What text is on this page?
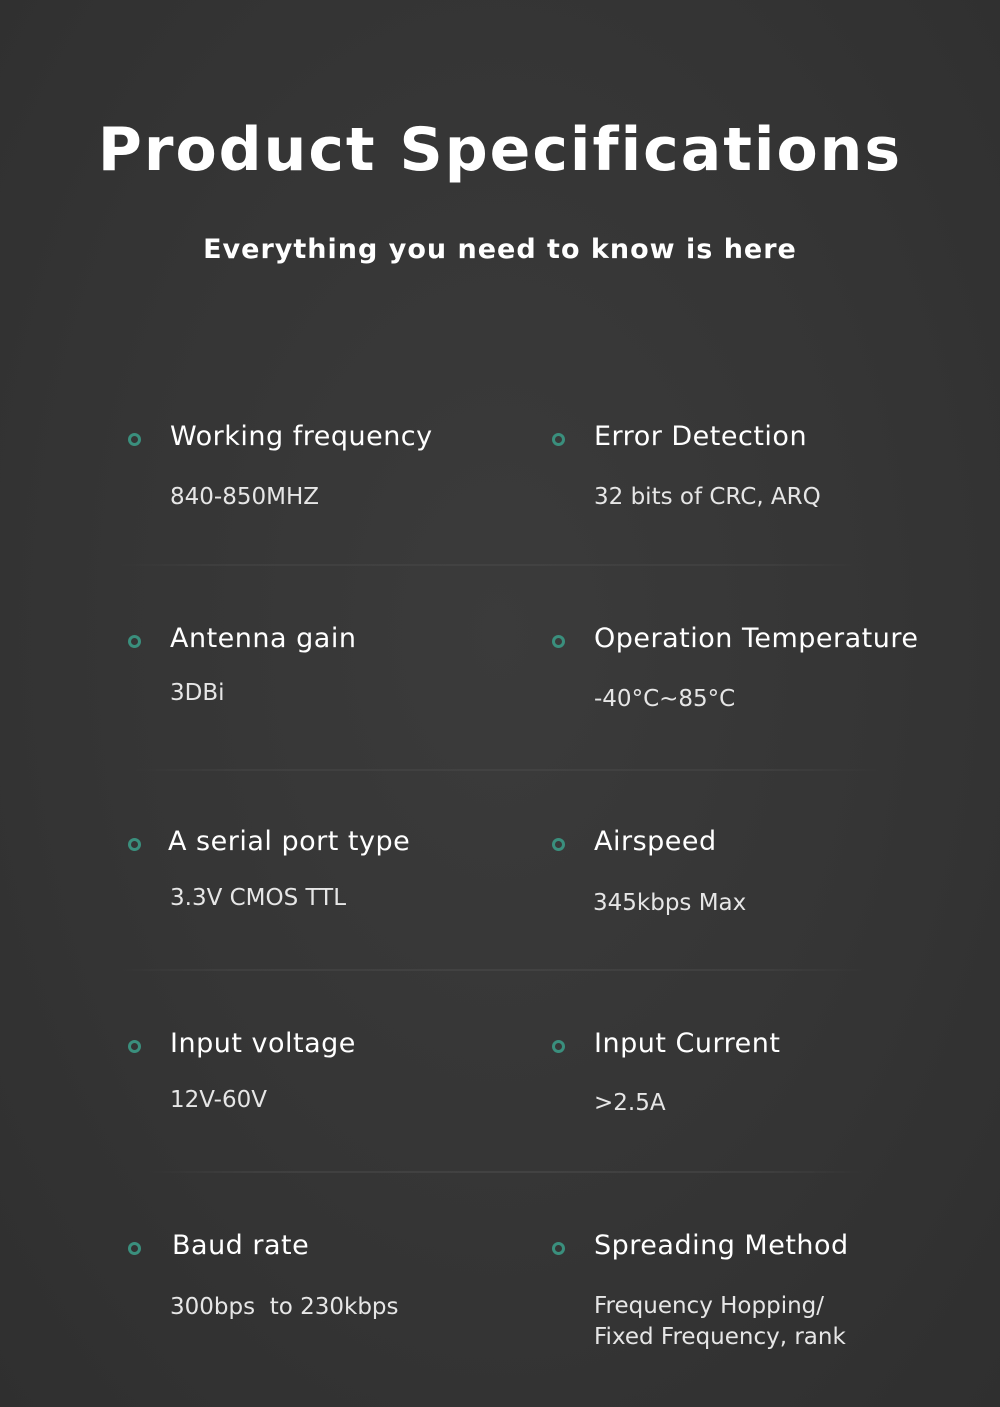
Product Specifications
Everything you need to know is here
Working frequency
840-850MHZ
Error Detection
32 bits of CRC, ARQ
Antenna gain
3DBi
Operation Temperature
-40°C~85°C
A serial port type
3.3V CMOS TTL
Airspeed
345kbps Max
Input voltage
12V-60V
Input Current
>2.5A
Baud rate
300bps  to 230kbps
Spreading Method
Frequency Hopping/
Fixed Frequency, rank
